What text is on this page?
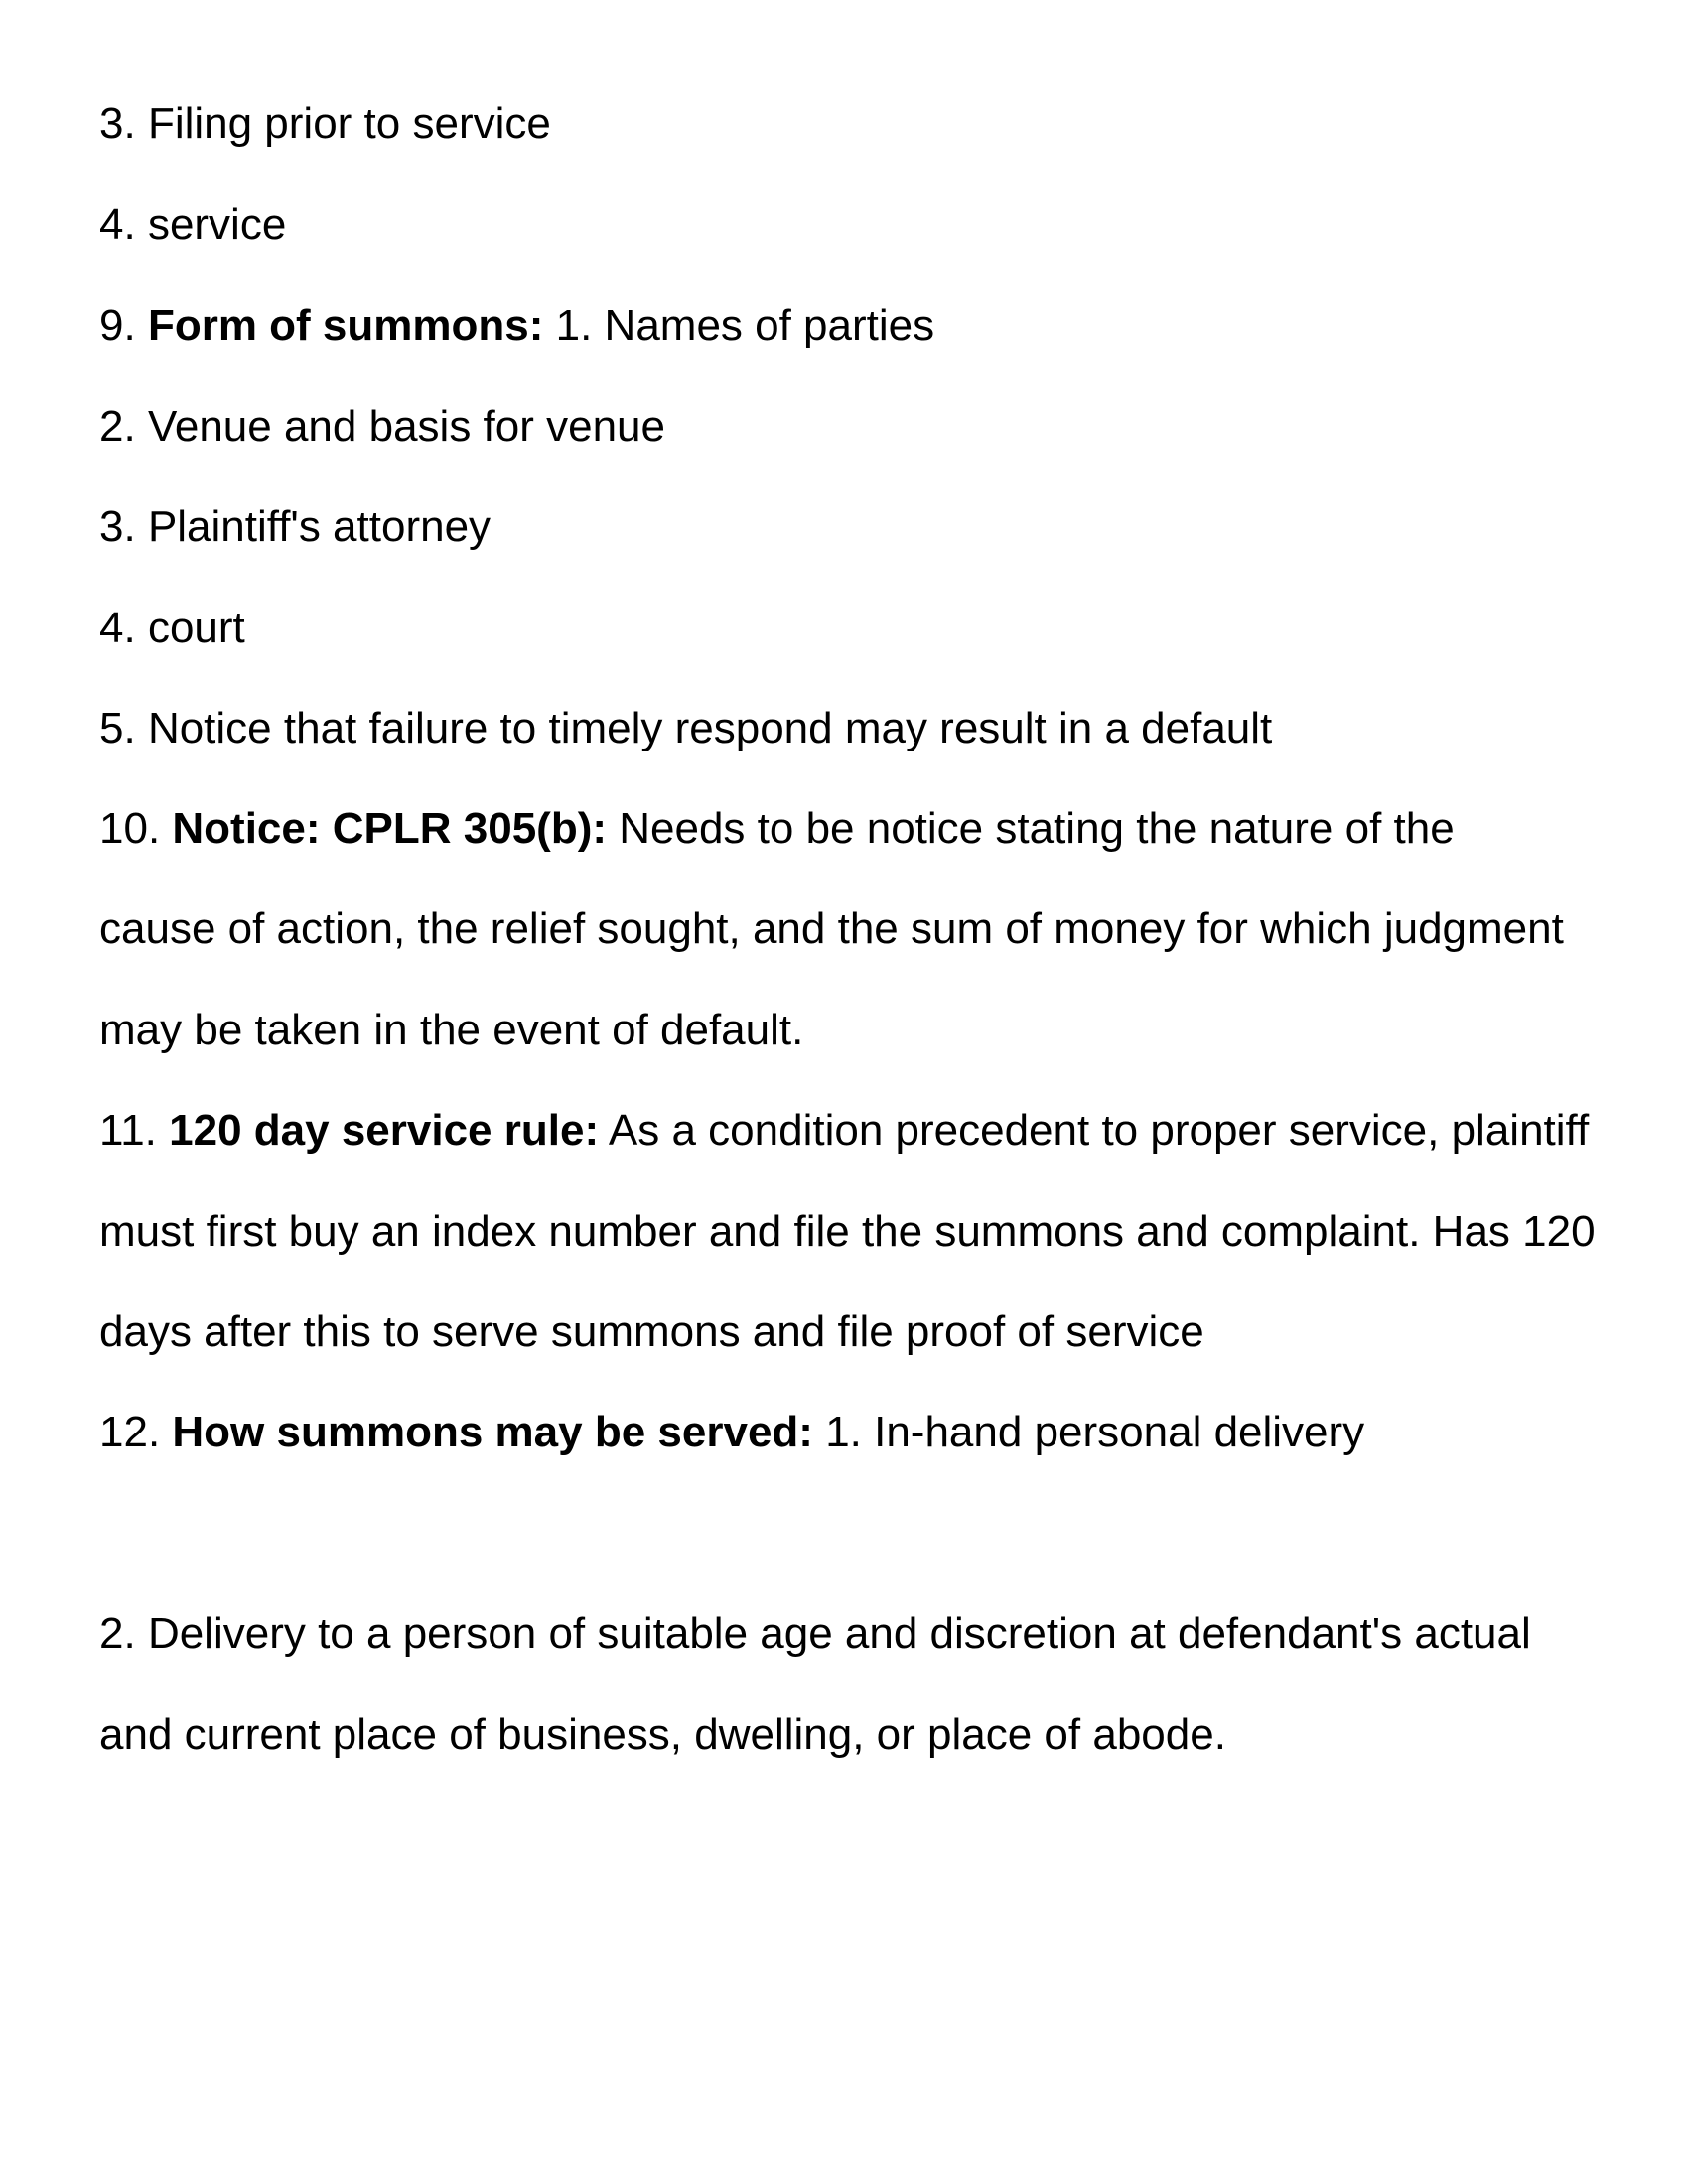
3. Filing prior to service
4. service
9. Form of summons: 1. Names of parties
2. Venue and basis for venue
3. Plaintiff's attorney
4. court
5. Notice that failure to timely respond may result in a default
10. Notice: CPLR 305(b): Needs to be notice stating the nature of the
cause of action, the relief sought, and the sum of money for which judgment
may be taken in the event of default.
11. 120 day service rule: As a condition precedent to proper service, plaintiff
must first buy an index number and file the summons and complaint. Has 120
days after this to serve summons and file proof of service
12. How summons may be served: 1. In-hand personal delivery
2. Delivery to a person of suitable age and discretion at defendant's actual
and current place of business, dwelling, or place of abode.
